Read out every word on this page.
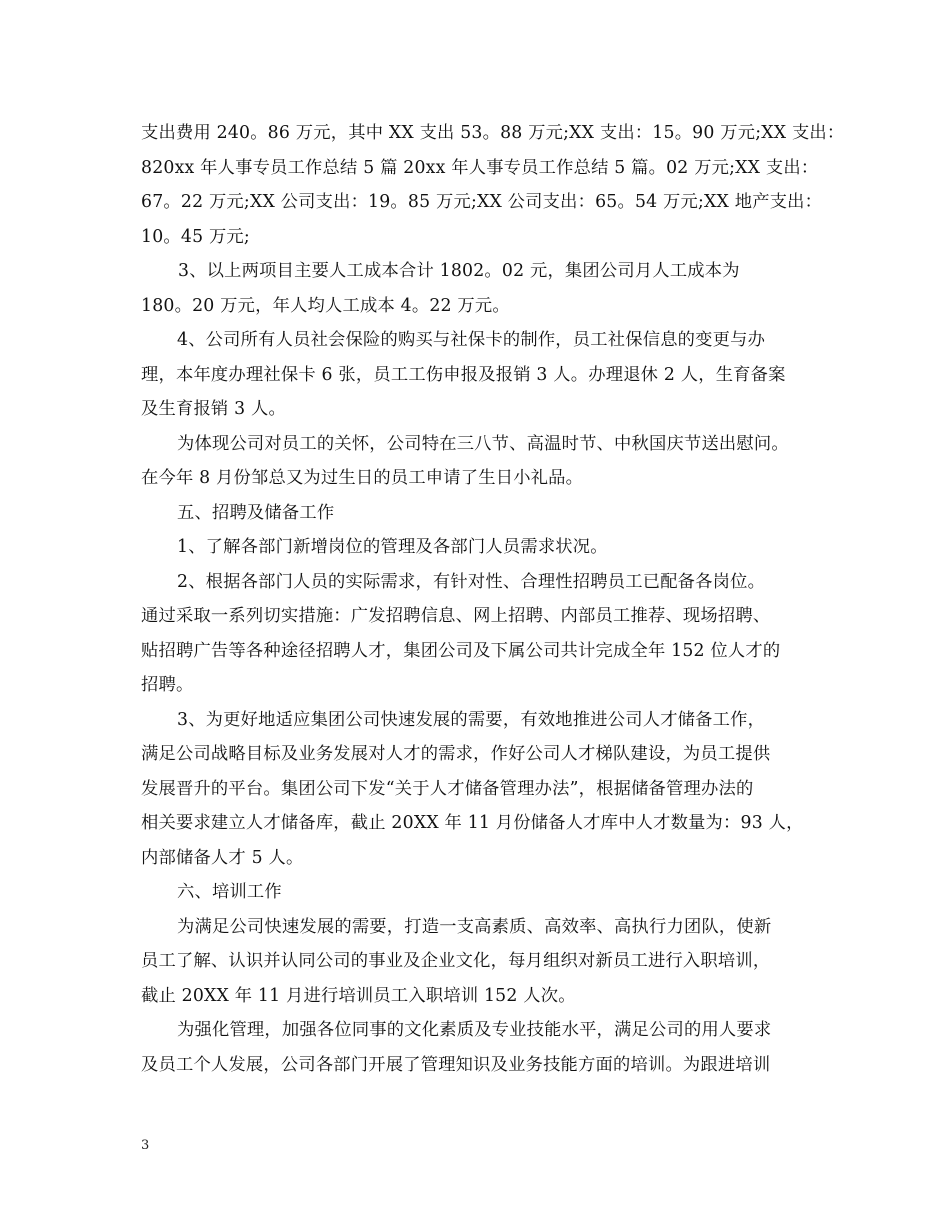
支出费用 240。86 万元，其中 XX 支出 53。88 万元;XX 支出：15。90 万元;XX 支出：
820xx 年人事专员工作总结 5 篇 20xx 年人事专员工作总结 5 篇。02 万元;XX 支出：
67。22 万元;XX 公司支出：19。85 万元;XX 公司支出：65。54 万元;XX 地产支出：
10。45 万元;
3、以上两项目主要人工成本合计 1802。02 元，集团公司月人工成本为
180。20 万元，年人均人工成本 4。22 万元。
4、公司所有人员社会保险的购买与社保卡的制作，员工社保信息的变更与办
理，本年度办理社保卡 6 张，员工工伤申报及报销 3 人。办理退休 2 人，生育备案
及生育报销 3 人。
为体现公司对员工的关怀，公司特在三八节、高温时节、中秋国庆节送出慰问。
在今年 8 月份邹总又为过生日的员工申请了生日小礼品。
五、招聘及储备工作
1、了解各部门新增岗位的管理及各部门人员需求状况。
2、根据各部门人员的实际需求，有针对性、合理性招聘员工已配备各岗位。
通过采取一系列切实措施：广发招聘信息、网上招聘、内部员工推荐、现场招聘、
贴招聘广告等各种途径招聘人才，集团公司及下属公司共计完成全年 152 位人才的
招聘。
3、为更好地适应集团公司快速发展的需要，有效地推进公司人才储备工作，
满足公司战略目标及业务发展对人才的需求，作好公司人才梯队建设，为员工提供
发展晋升的平台。集团公司下发“关于人才储备管理办法”，根据储备管理办法的
相关要求建立人才储备库，截止 20XX 年 11 月份储备人才库中人才数量为：93 人，
内部储备人才 5 人。
六、培训工作
为满足公司快速发展的需要，打造一支高素质、高效率、高执行力团队，使新
员工了解、认识并认同公司的事业及企业文化，每月组织对新员工进行入职培训，
截止 20XX 年 11 月进行培训员工入职培训 152 人次。
为强化管理，加强各位同事的文化素质及专业技能水平，满足公司的用人要求
及员工个人发展，公司各部门开展了管理知识及业务技能方面的培训。为跟进培训
3
